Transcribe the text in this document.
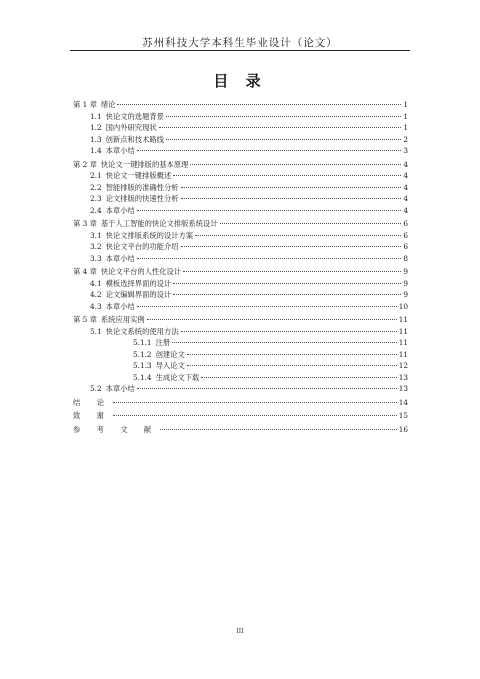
苏州科技大学本科生毕业设计（论文）
目 录
第 1 章 绪论	1
1.1 快论文的选题背景	1
1.2 国内外研究现状	1
1.3 创新点和技术路线	2
1.4 本章小结	3
第 2 章 快论文一键排版的基本原理	4
2.1 快论文一键排版概述	4
2.2 智能排版的准确性分析	4
2.3 论文排版的快速性分析	4
2.4 本章小结	4
第 3 章 基于人工智能的快论文排版系统设计	6
3.1 快论文排版系统的设计方案	6
3.2 快论文平台的功能介绍	6
3.3 本章小结	8
第 4 章 快论文平台的人性化设计	9
4.1 模板选择界面的设计	9
4.2 论文编辑界面的设计	9
4.3 本章小结	10
第 5 章 系统应用实例	11
5.1 快论文系统的使用方法	11
5.1.1 注册	11
5.1.2 创建论文	11
5.1.3 导入论文	12
5.1.4 生成论文下载	13
5.2 本章小结	13
结 论	14
致 谢	15
参 考 文 献	16
III
